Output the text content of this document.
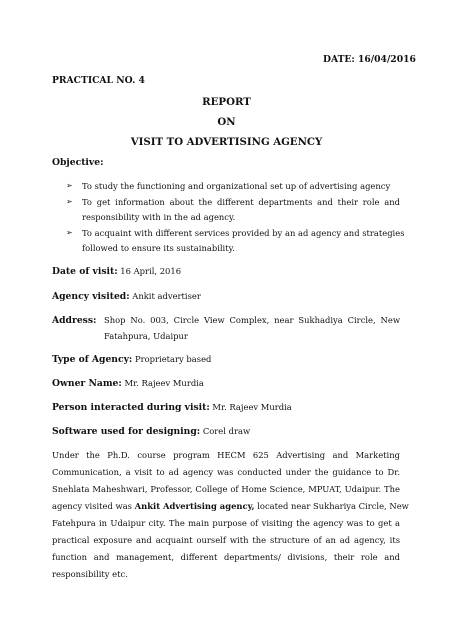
DATE: 16/04/2016
PRACTICAL NO. 4
REPORT
ON
VISIT TO ADVERTISING AGENCY
Objective:
➢ To study the functioning and organizational set up of advertising agency
➢ To get information about the different departments and their role and
responsibility with in the ad agency.
➢ To acquaint with different services provided by an ad agency and strategies
followed to ensure its sustainability.
Date of visit: 16 April, 2016
Agency visited: Ankit advertiser
Address: Shop No. 003, Circle View Complex, near Sukhadiya Circle, New
Fatahpura, Udaipur
Type of Agency: Proprietary based
Owner Name: Mr. Rajeev Murdia
Person interacted during visit: Mr. Rajeev Murdia
Software used for designing: Corel draw
Under the Ph.D. course program HECM 625 Advertising and Marketing
Communication, a visit to ad agency was conducted under the guidance to Dr.
Snehlata Maheshwari, Professor, College of Home Science, MPUAT, Udaipur. The
agency visited was Ankit Advertising agency, located near Sukhariya Circle, New
Fatehpura in Udaipur city. The main purpose of visiting the agency was to get a
practical exposure and acquaint ourself with the structure of an ad agency, its
function and management, different departments/ divisions, their role and
responsibility etc.
